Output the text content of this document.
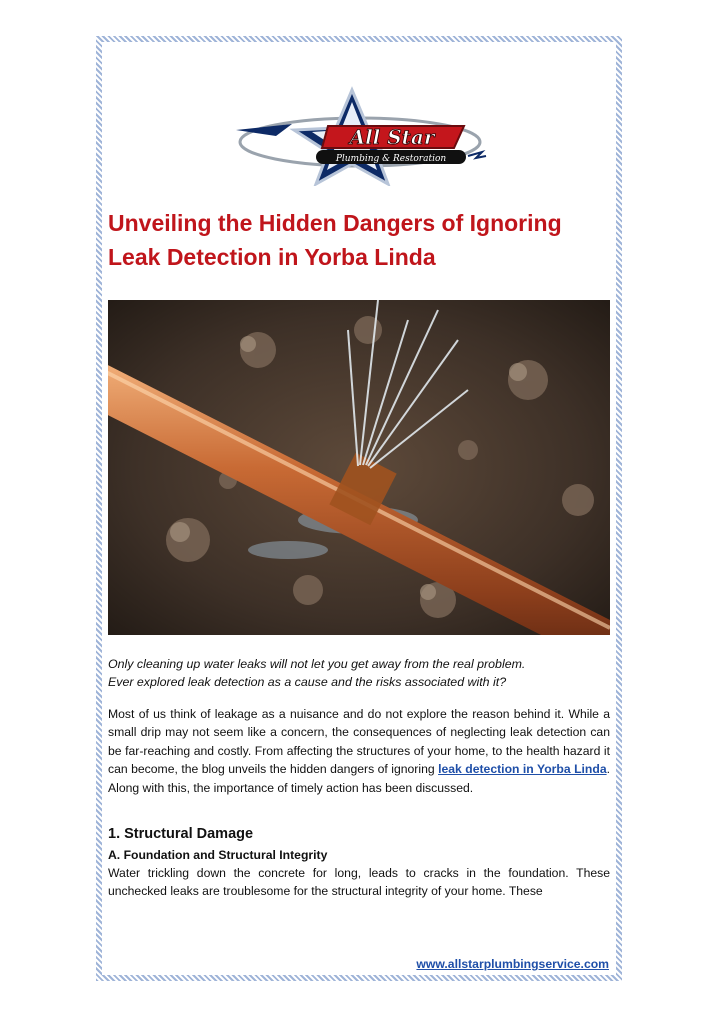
All Star
Plumbing & Restoration
Unveiling the Hidden Dangers of Ignoring
Leak Detection in Yorba Linda

Only cleaning up water leaks will not let you get away from the real problem.
Ever explored leak detection as a cause and the risks associated with it?

Most of us think of leakage as a nuisance and do not explore the reason behind it. While a small drip may not seem like a concern, the consequences of neglecting leak detection can be far-reaching and costly. From affecting the structures of your home, to the health hazard it can become, the blog unveils the hidden dangers of ignoring leak detection in Yorba Linda. Along with this, the importance of timely action has been discussed.

1. Structural Damage
A. Foundation and Structural Integrity

Water trickling down the concrete for long, leads to cracks in the foundation. These unchecked leaks are troublesome for the structural integrity of your home. These

www.allstarplumbingservice.com
